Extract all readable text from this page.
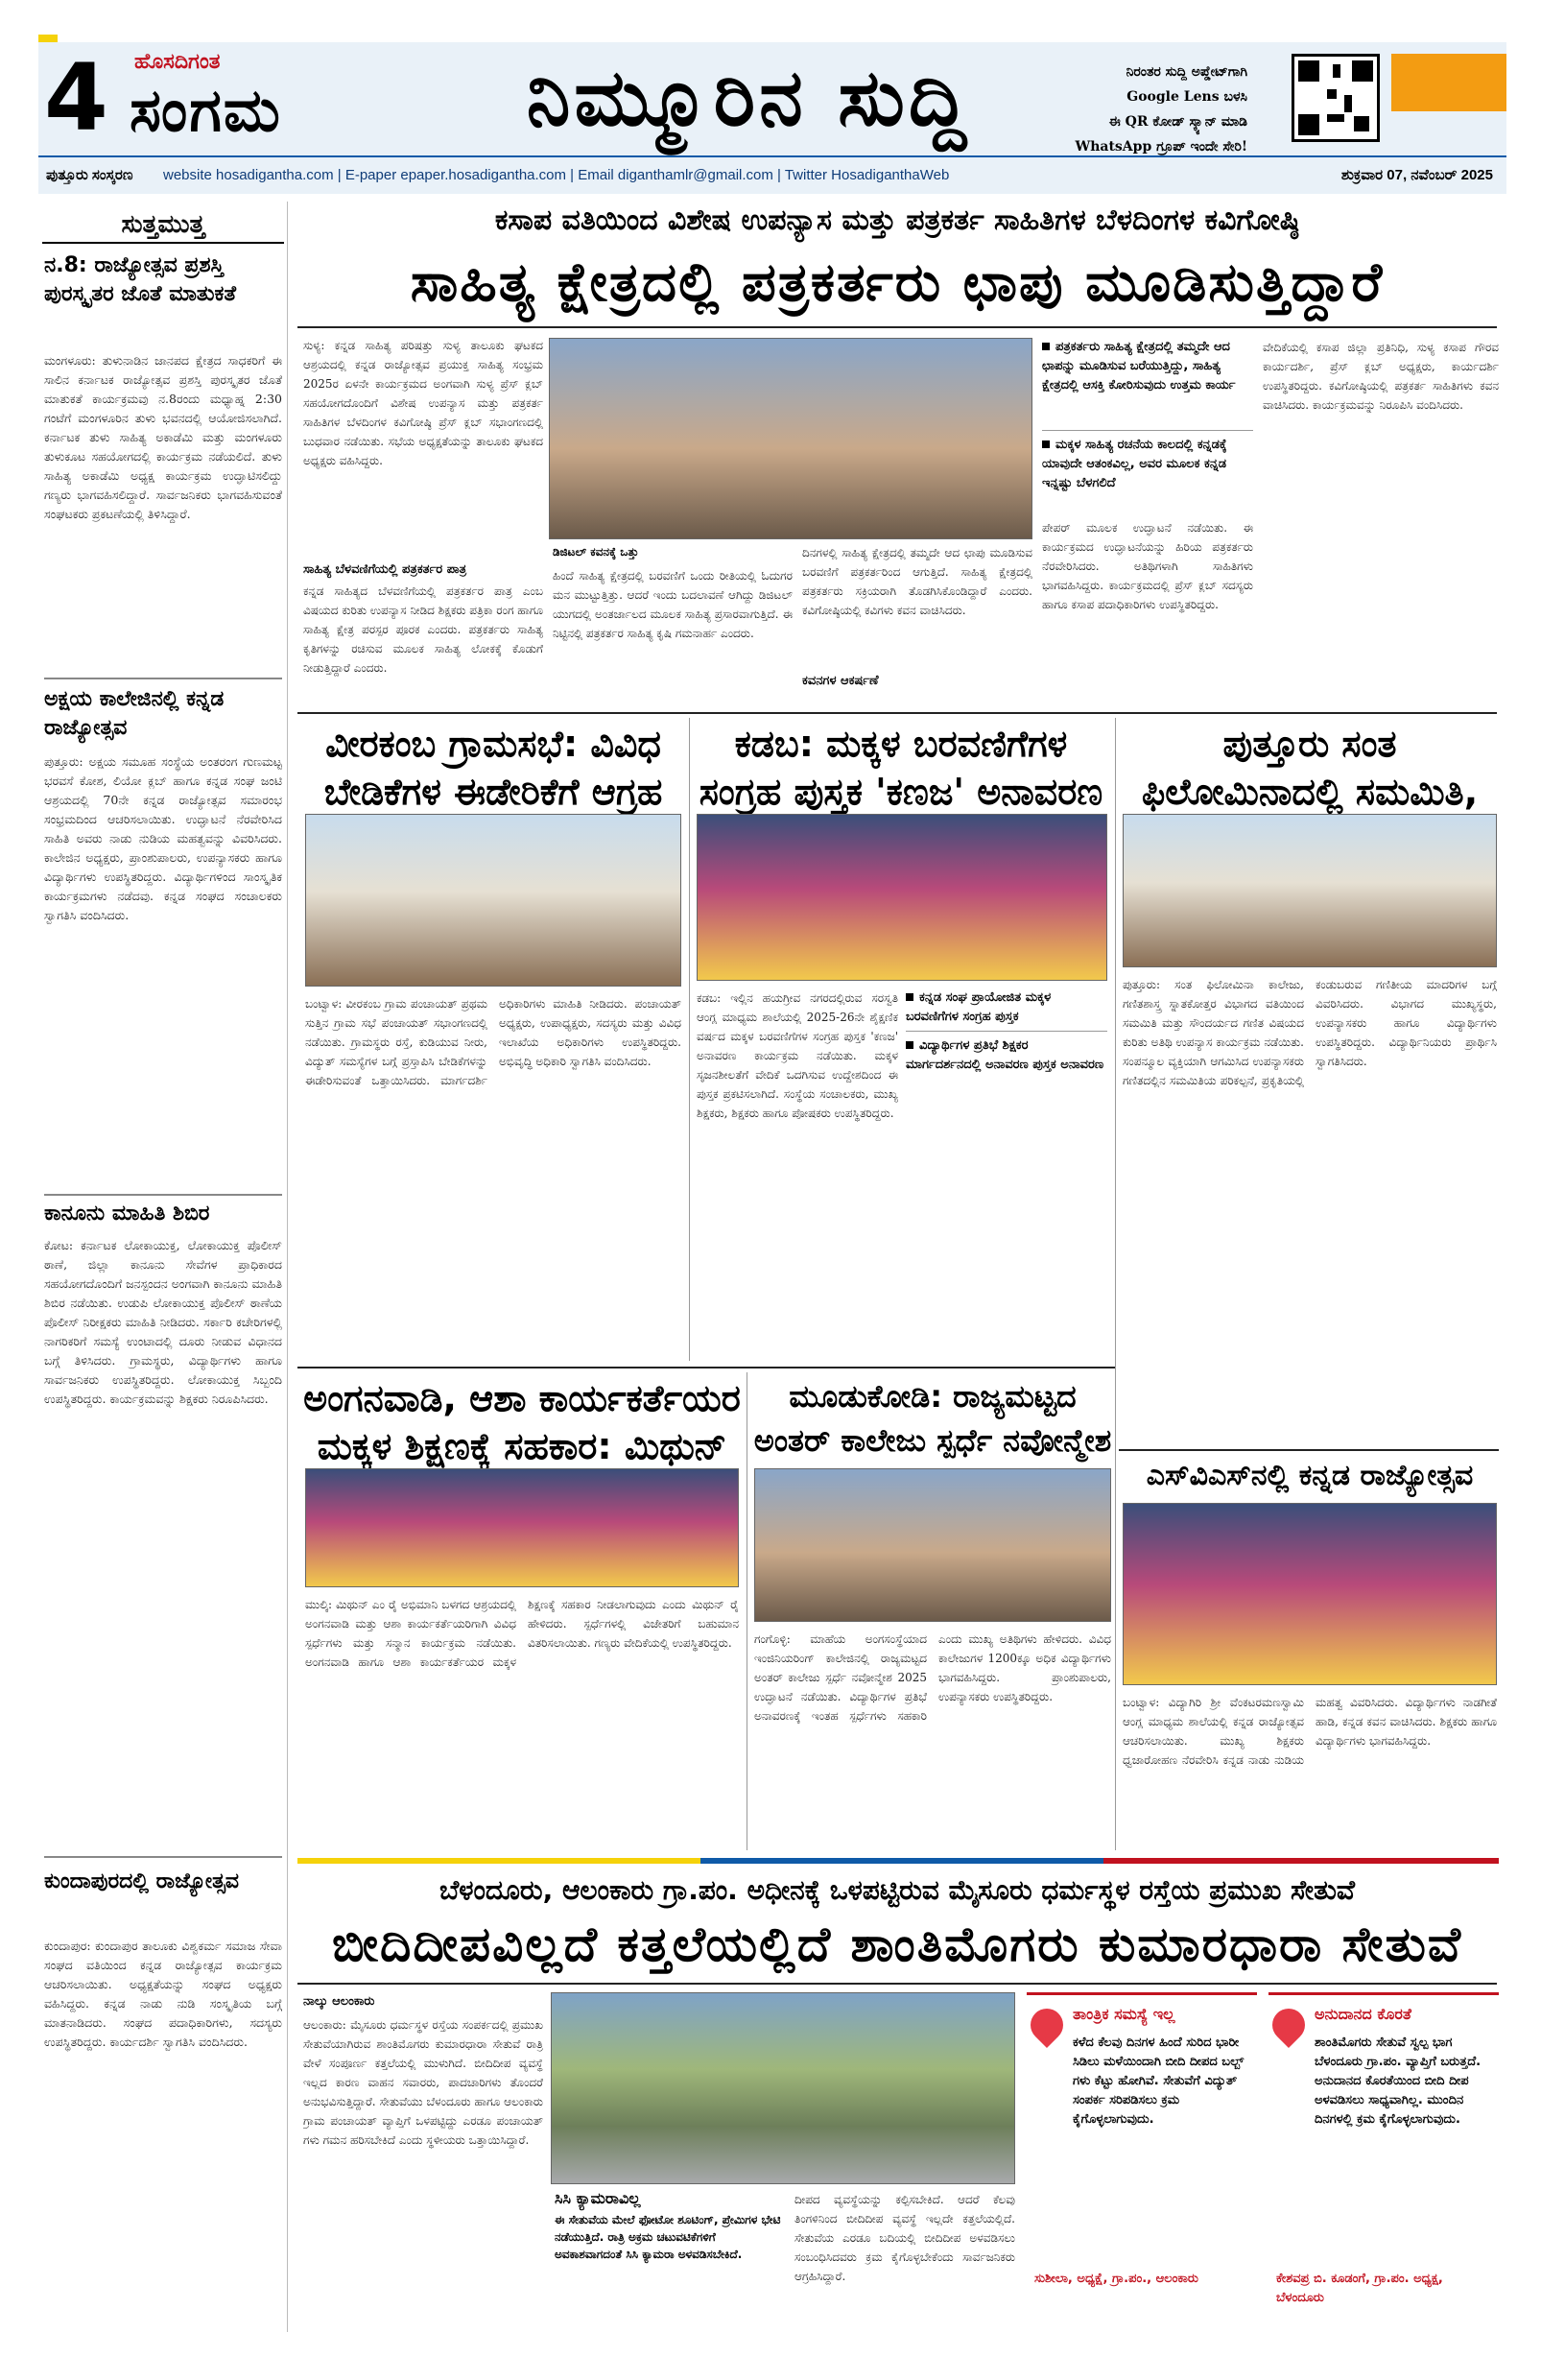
4 ಹೊಸದಿಗಂತ
ಸಂಗಮ	ನಿಮ್ಮೂರಿನ ಸುದ್ದಿ	ನಿರಂತರ ಸುದ್ದಿ ಅಪ್ಡೇಟ್‌ಗಾಗಿ
Google Lens ಬಳಸಿ
ಈ QR ಕೋಡ್ ಸ್ಕ್ಯಾನ್ ಮಾಡಿ
WhatsApp ಗ್ರೂಪ್ ಇಂದೇ ಸೇರಿ!
ಪುತ್ತೂರು ಸಂಸ್ಕರಣ website hosadigantha.com | E-paper epaper.hosadigantha.com | Email diganthamlr@gmail.com | Twitter HosadiganthaWeb	ಶುಕ್ರವಾರ 07, ನವೆಂಬರ್ 2025
ಸುತ್ತಮುತ್ತ
ನ.8: ರಾಜ್ಯೋತ್ಸವ ಪ್ರಶಸ್ತಿ ಪುರಸ್ಕೃತರ ಜೊತೆ ಮಾತುಕತೆ
ಮಂಗಳೂರು: ತುಳುನಾಡಿನ ಜಾನಪದ ಕ್ಷೇತ್ರದ ಸಾಧಕರಿಗೆ ಈ ಸಾಲಿನ ಕರ್ನಾಟಕ ರಾಜ್ಯೋತ್ಸವ ಪ್ರಶಸ್ತಿ ಪುರಸ್ಕೃತರ ಜೊತೆ ಮಾತುಕತೆ ಕಾರ್ಯಕ್ರಮವು ನ.8ರಂದು ಮಧ್ಯಾಹ್ನ 2:30 ಗಂಟೆಗೆ ಮಂಗಳೂರಿನ ತುಳು ಭವನದಲ್ಲಿ ಆಯೋಜಿಸಲಾಗಿದೆ. ಕರ್ನಾಟಕ ತುಳು ಸಾಹಿತ್ಯ ಅಕಾಡೆಮಿ ಮತ್ತು ಮಂಗಳೂರು ತುಳುಕೂಟ ಸಹಯೋಗದಲ್ಲಿ ಕಾರ್ಯಕ್ರಮ ನಡೆಯಲಿದೆ. ತುಳು ಸಾಹಿತ್ಯ ಅಕಾಡೆಮಿ ಅಧ್ಯಕ್ಷ ಕಾರ್ಯಕ್ರಮ ಉದ್ಘಾಟಿಸಲಿದ್ದು ಗಣ್ಯರು ಭಾಗವಹಿಸಲಿದ್ದಾರೆ. ಸಾರ್ವಜನಿಕರು ಭಾಗವಹಿಸುವಂತೆ ಸಂಘಟಕರು ಪ್ರಕಟಣೆಯಲ್ಲಿ ತಿಳಿಸಿದ್ದಾರೆ.
ಅಕ್ಷಯ ಕಾಲೇಜಿನಲ್ಲಿ ಕನ್ನಡ ರಾಜ್ಯೋತ್ಸವ
ಪುತ್ತೂರು: ಅಕ್ಷಯ ಸಮೂಹ ಸಂಸ್ಥೆಯ ಅಂತರಂಗ ಗುಣಮಟ್ಟ ಭರವಸೆ ಕೋಶ, ಲಿಯೋ ಕ್ಲಬ್ ಹಾಗೂ ಕನ್ನಡ ಸಂಘ ಜಂಟಿ ಆಶ್ರಯದಲ್ಲಿ 70ನೇ ಕನ್ನಡ ರಾಜ್ಯೋತ್ಸವ ಸಮಾರಂಭ ಸಂಭ್ರಮದಿಂದ ಆಚರಿಸಲಾಯಿತು. ಉದ್ಘಾಟನೆ ನೆರವೇರಿಸಿದ ಸಾಹಿತಿ ಅವರು ನಾಡು ನುಡಿಯ ಮಹತ್ವವನ್ನು ವಿವರಿಸಿದರು. ಕಾಲೇಜಿನ ಅಧ್ಯಕ್ಷರು, ಪ್ರಾಂಶುಪಾಲರು, ಉಪನ್ಯಾಸಕರು ಹಾಗೂ ವಿದ್ಯಾರ್ಥಿಗಳು ಉಪಸ್ಥಿತರಿದ್ದರು. ವಿದ್ಯಾರ್ಥಿಗಳಿಂದ ಸಾಂಸ್ಕೃತಿಕ ಕಾರ್ಯಕ್ರಮಗಳು ನಡೆದವು. ಕನ್ನಡ ಸಂಘದ ಸಂಚಾಲಕರು ಸ್ವಾಗತಿಸಿ ವಂದಿಸಿದರು.
ಕಾನೂನು ಮಾಹಿತಿ ಶಿಬಿರ
ಕೋಟ: ಕರ್ನಾಟಕ ಲೋಕಾಯುಕ್ತ, ಲೋಕಾಯುಕ್ತ ಪೊಲೀಸ್ ಠಾಣೆ, ಜಿಲ್ಲಾ ಕಾನೂನು ಸೇವೆಗಳ ಪ್ರಾಧಿಕಾರದ ಸಹಯೋಗದೊಂದಿಗೆ ಜನಸ್ಪಂದನ ಅಂಗವಾಗಿ ಕಾನೂನು ಮಾಹಿತಿ ಶಿಬಿರ ನಡೆಯಿತು. ಉಡುಪಿ ಲೋಕಾಯುಕ್ತ ಪೊಲೀಸ್ ಠಾಣೆಯ ಪೊಲೀಸ್ ನಿರೀಕ್ಷಕರು ಮಾಹಿತಿ ನೀಡಿದರು. ಸರ್ಕಾರಿ ಕಚೇರಿಗಳಲ್ಲಿ ನಾಗರಿಕರಿಗೆ ಸಮಸ್ಯೆ ಉಂಟಾದಲ್ಲಿ ದೂರು ನೀಡುವ ವಿಧಾನದ ಬಗ್ಗೆ ತಿಳಿಸಿದರು. ಗ್ರಾಮಸ್ಥರು, ವಿದ್ಯಾರ್ಥಿಗಳು ಹಾಗೂ ಸಾರ್ವಜನಿಕರು ಉಪಸ್ಥಿತರಿದ್ದರು. ಲೋಕಾಯುಕ್ತ ಸಿಬ್ಬಂದಿ ಉಪಸ್ಥಿತರಿದ್ದರು. ಕಾರ್ಯಕ್ರಮವನ್ನು ಶಿಕ್ಷಕರು ನಿರೂಪಿಸಿದರು.
ಕುಂದಾಪುರದಲ್ಲಿ ರಾಜ್ಯೋತ್ಸವ
ಕುಂದಾಪುರ: ಕುಂದಾಪುರ ತಾಲೂಕು ವಿಶ್ವಕರ್ಮ ಸಮಾಜ ಸೇವಾ ಸಂಘದ ವತಿಯಿಂದ ಕನ್ನಡ ರಾಜ್ಯೋತ್ಸವ ಕಾರ್ಯಕ್ರಮ ಆಚರಿಸಲಾಯಿತು. ಅಧ್ಯಕ್ಷತೆಯನ್ನು ಸಂಘದ ಅಧ್ಯಕ್ಷರು ವಹಿಸಿದ್ದರು. ಕನ್ನಡ ನಾಡು ನುಡಿ ಸಂಸ್ಕೃತಿಯ ಬಗ್ಗೆ ಮಾತನಾಡಿದರು. ಸಂಘದ ಪದಾಧಿಕಾರಿಗಳು, ಸದಸ್ಯರು ಉಪಸ್ಥಿತರಿದ್ದರು. ಕಾರ್ಯದರ್ಶಿ ಸ್ವಾಗತಿಸಿ ವಂದಿಸಿದರು.
ಕಸಾಪ ವತಿಯಿಂದ ವಿಶೇಷ ಉಪನ್ಯಾಸ ಮತ್ತು ಪತ್ರಕರ್ತ ಸಾಹಿತಿಗಳ ಬೆಳದಿಂಗಳ ಕವಿಗೋಷ್ಠಿ
ಸಾಹಿತ್ಯ ಕ್ಷೇತ್ರದಲ್ಲಿ ಪತ್ರಕರ್ತರು ಛಾಪು ಮೂಡಿಸುತ್ತಿದ್ದಾರೆ
ಸುಳ್ಯ: ಕನ್ನಡ ಸಾಹಿತ್ಯ ಪರಿಷತ್ತು ಸುಳ್ಯ ತಾಲೂಕು ಘಟಕದ ಆಶ್ರಯದಲ್ಲಿ ಕನ್ನಡ ರಾಜ್ಯೋತ್ಸವ ಪ್ರಯುಕ್ತ ಸಾಹಿತ್ಯ ಸಂಭ್ರಮ 2025ರ ಏಳನೇ ಕಾರ್ಯಕ್ರಮದ ಅಂಗವಾಗಿ ಸುಳ್ಯ ಪ್ರೆಸ್ ಕ್ಲಬ್ ಸಹಯೋಗದೊಂದಿಗೆ ವಿಶೇಷ ಉಪನ್ಯಾಸ ಮತ್ತು ಪತ್ರಕರ್ತ ಸಾಹಿತಿಗಳ ಬೆಳದಿಂಗಳ ಕವಿಗೋಷ್ಠಿ ಪ್ರೆಸ್ ಕ್ಲಬ್ ಸಭಾಂಗಣದಲ್ಲಿ ಬುಧವಾರ ನಡೆಯಿತು. ಸಭೆಯ ಅಧ್ಯಕ್ಷತೆಯನ್ನು ತಾಲೂಕು ಘಟಕದ ಅಧ್ಯಕ್ಷರು ವಹಿಸಿದ್ದರು.
ಸಾಹಿತ್ಯ ಬೆಳವಣಿಗೆಯಲ್ಲಿ ಪತ್ರಕರ್ತರ ಪಾತ್ರ
ಕನ್ನಡ ಸಾಹಿತ್ಯದ ಬೆಳವಣಿಗೆಯಲ್ಲಿ ಪತ್ರಕರ್ತರ ಪಾತ್ರ ಎಂಬ ವಿಷಯದ ಕುರಿತು ಉಪನ್ಯಾಸ ನೀಡಿದ ಶಿಕ್ಷಕರು ಪತ್ರಿಕಾ ರಂಗ ಹಾಗೂ ಸಾಹಿತ್ಯ ಕ್ಷೇತ್ರ ಪರಸ್ಪರ ಪೂರಕ ಎಂದರು. ಪತ್ರಕರ್ತರು ಸಾಹಿತ್ಯ ಕೃತಿಗಳನ್ನು ರಚಿಸುವ ಮೂಲಕ ಸಾಹಿತ್ಯ ಲೋಕಕ್ಕೆ ಕೊಡುಗೆ ನೀಡುತ್ತಿದ್ದಾರೆ ಎಂದರು.
ಡಿಜಿಟಲ್ ಕವನಕ್ಕೆ ಒತ್ತು
ಹಿಂದೆ ಸಾಹಿತ್ಯ ಕ್ಷೇತ್ರದಲ್ಲಿ ಬರವಣಿಗೆ ಒಂದು ರೀತಿಯಲ್ಲಿ ಓದುಗರ ಮನ ಮುಟ್ಟುತ್ತಿತ್ತು. ಆದರೆ ಇಂದು ಬದಲಾವಣೆ ಆಗಿದ್ದು ಡಿಜಿಟಲ್ ಯುಗದಲ್ಲಿ ಅಂತರ್ಜಾಲದ ಮೂಲಕ ಸಾಹಿತ್ಯ ಪ್ರಸಾರವಾಗುತ್ತಿದೆ. ಈ ನಿಟ್ಟಿನಲ್ಲಿ ಪತ್ರಕರ್ತರ ಸಾಹಿತ್ಯ ಕೃಷಿ ಗಮನಾರ್ಹ ಎಂದರು.
ದಿನಗಳಲ್ಲಿ ಸಾಹಿತ್ಯ ಕ್ಷೇತ್ರದಲ್ಲಿ ತಮ್ಮದೇ ಆದ ಛಾಪು ಮೂಡಿಸುವ ಬರವಣಿಗೆ ಪತ್ರಕರ್ತರಿಂದ ಆಗುತ್ತಿದೆ. ಸಾಹಿತ್ಯ ಕ್ಷೇತ್ರದಲ್ಲಿ ಪತ್ರಕರ್ತರು ಸಕ್ರಿಯರಾಗಿ ತೊಡಗಿಸಿಕೊಂಡಿದ್ದಾರೆ ಎಂದರು. ಕವಿಗೋಷ್ಠಿಯಲ್ಲಿ ಕವಿಗಳು ಕವನ ವಾಚಿಸಿದರು.
ಕವನಗಳ ಆಕರ್ಷಣೆ
ಪತ್ರಕರ್ತರು ಸಾಹಿತ್ಯ ಕ್ಷೇತ್ರದಲ್ಲಿ ತಮ್ಮದೇ ಆದ ಛಾಪನ್ನು ಮೂಡಿಸುವ ಬರೆಯುತ್ತಿದ್ದು, ಸಾಹಿತ್ಯ ಕ್ಷೇತ್ರದಲ್ಲಿ ಆಸಕ್ತಿ ಕೋರಿಸುವುದು ಉತ್ತಮ ಕಾರ್ಯ
ಮಕ್ಕಳ ಸಾಹಿತ್ಯ ರಚನೆಯ ಕಾಲದಲ್ಲಿ ಕನ್ನಡಕ್ಕೆ ಯಾವುದೇ ಆತಂಕವಿಲ್ಲ, ಅವರ ಮೂಲಕ ಕನ್ನಡ ಇನ್ನಷ್ಟು ಬೆಳಗಲಿದೆ
ಪೇಪರ್ ಮೂಲಕ ಉದ್ಘಾಟನೆ ನಡೆಯಿತು. ಈ ಕಾರ್ಯಕ್ರಮದ ಉದ್ಘಾಟನೆಯನ್ನು ಹಿರಿಯ ಪತ್ರಕರ್ತರು ನೆರವೇರಿಸಿದರು. ಅತಿಥಿಗಳಾಗಿ ಸಾಹಿತಿಗಳು ಭಾಗವಹಿಸಿದ್ದರು. ಕಾರ್ಯಕ್ರಮದಲ್ಲಿ ಪ್ರೆಸ್ ಕ್ಲಬ್ ಸದಸ್ಯರು ಹಾಗೂ ಕಸಾಪ ಪದಾಧಿಕಾರಿಗಳು ಉಪಸ್ಥಿತರಿದ್ದರು.
ವೇದಿಕೆಯಲ್ಲಿ ಕಸಾಪ ಜಿಲ್ಲಾ ಪ್ರತಿನಿಧಿ, ಸುಳ್ಯ ಕಸಾಪ ಗೌರವ ಕಾರ್ಯದರ್ಶಿ, ಪ್ರೆಸ್ ಕ್ಲಬ್ ಅಧ್ಯಕ್ಷರು, ಕಾರ್ಯದರ್ಶಿ ಉಪಸ್ಥಿತರಿದ್ದರು. ಕವಿಗೋಷ್ಠಿಯಲ್ಲಿ ಪತ್ರಕರ್ತ ಸಾಹಿತಿಗಳು ಕವನ ವಾಚಿಸಿದರು. ಕಾರ್ಯಕ್ರಮವನ್ನು ನಿರೂಪಿಸಿ ವಂದಿಸಿದರು.
ವೀರಕಂಬ ಗ್ರಾಮಸಭೆ: ವಿವಿಧ ಬೇಡಿಕೆಗಳ ಈಡೇರಿಕೆಗೆ ಆಗ್ರಹ
ಬಂಟ್ವಾಳ: ವೀರಕಂಬ ಗ್ರಾಮ ಪಂಚಾಯತ್ ಪ್ರಥಮ ಸುತ್ತಿನ ಗ್ರಾಮ ಸಭೆ ಪಂಚಾಯತ್ ಸಭಾಂಗಣದಲ್ಲಿ ನಡೆಯಿತು. ಗ್ರಾಮಸ್ಥರು ರಸ್ತೆ, ಕುಡಿಯುವ ನೀರು, ವಿದ್ಯುತ್ ಸಮಸ್ಯೆಗಳ ಬಗ್ಗೆ ಪ್ರಸ್ತಾಪಿಸಿ ಬೇಡಿಕೆಗಳನ್ನು ಈಡೇರಿಸುವಂತೆ ಒತ್ತಾಯಿಸಿದರು. ಮಾರ್ಗದರ್ಶಿ ಅಧಿಕಾರಿಗಳು ಮಾಹಿತಿ ನೀಡಿದರು. ಪಂಚಾಯತ್ ಅಧ್ಯಕ್ಷರು, ಉಪಾಧ್ಯಕ್ಷರು, ಸದಸ್ಯರು ಮತ್ತು ವಿವಿಧ ಇಲಾಖೆಯ ಅಧಿಕಾರಿಗಳು ಉಪಸ್ಥಿತರಿದ್ದರು. ಅಭಿವೃದ್ಧಿ ಅಧಿಕಾರಿ ಸ್ವಾಗತಿಸಿ ವಂದಿಸಿದರು.
ಕಡಬ: ಮಕ್ಕಳ ಬರವಣಿಗೆಗಳ ಸಂಗ್ರಹ ಪುಸ್ತಕ 'ಕಣಜ' ಅನಾವರಣ
ಕಡಬ: ಇಲ್ಲಿನ ಹಯಗ್ರೀವ ನಗರದಲ್ಲಿರುವ ಸರಸ್ವತಿ ಆಂಗ್ಲ ಮಾಧ್ಯಮ ಶಾಲೆಯಲ್ಲಿ 2025-26ನೇ ಶೈಕ್ಷಣಿಕ ವರ್ಷದ ಮಕ್ಕಳ ಬರವಣಿಗೆಗಳ ಸಂಗ್ರಹ ಪುಸ್ತಕ 'ಕಣಜ' ಅನಾವರಣ ಕಾರ್ಯಕ್ರಮ ನಡೆಯಿತು. ಮಕ್ಕಳ ಸೃಜನಶೀಲತೆಗೆ ವೇದಿಕೆ ಒದಗಿಸುವ ಉದ್ದೇಶದಿಂದ ಈ ಪುಸ್ತಕ ಪ್ರಕಟಿಸಲಾಗಿದೆ. ಸಂಸ್ಥೆಯ ಸಂಚಾಲಕರು, ಮುಖ್ಯ ಶಿಕ್ಷಕರು, ಶಿಕ್ಷಕರು ಹಾಗೂ ಪೋಷಕರು ಉಪಸ್ಥಿತರಿದ್ದರು.
ಕನ್ನಡ ಸಂಘ ಪ್ರಾಯೋಜಿತ ಮಕ್ಕಳ ಬರವಣಿಗೆಗಳ ಸಂಗ್ರಹ ಪುಸ್ತಕ
ವಿದ್ಯಾರ್ಥಿಗಳ ಪ್ರತಿಭೆ ಶಿಕ್ಷಕರ ಮಾರ್ಗದರ್ಶನದಲ್ಲಿ ಅನಾವರಣ ಪುಸ್ತಕ ಅನಾವರಣ
ಪುತ್ತೂರು ಸಂತ ಫಿಲೋಮಿನಾದಲ್ಲಿ ಸಮಮಿತಿ,
ಪುತ್ತೂರು: ಸಂತ ಫಿಲೋಮಿನಾ ಕಾಲೇಜು, ಗಣಿತಶಾಸ್ತ್ರ ಸ್ನಾತಕೋತ್ತರ ವಿಭಾಗದ ವತಿಯಿಂದ ಸಮಮಿತಿ ಮತ್ತು ಸೌಂದರ್ಯದ ಗಣಿತ ವಿಷಯದ ಕುರಿತು ಅತಿಥಿ ಉಪನ್ಯಾಸ ಕಾರ್ಯಕ್ರಮ ನಡೆಯಿತು. ಸಂಪನ್ಮೂಲ ವ್ಯಕ್ತಿಯಾಗಿ ಆಗಮಿಸಿದ ಉಪನ್ಯಾಸಕರು ಗಣಿತದಲ್ಲಿನ ಸಮಮಿತಿಯ ಪರಿಕಲ್ಪನೆ, ಪ್ರಕೃತಿಯಲ್ಲಿ ಕಂಡುಬರುವ ಗಣಿತೀಯ ಮಾದರಿಗಳ ಬಗ್ಗೆ ವಿವರಿಸಿದರು. ವಿಭಾಗದ ಮುಖ್ಯಸ್ಥರು, ಉಪನ್ಯಾಸಕರು ಹಾಗೂ ವಿದ್ಯಾರ್ಥಿಗಳು ಉಪಸ್ಥಿತರಿದ್ದರು. ವಿದ್ಯಾರ್ಥಿನಿಯರು ಪ್ರಾರ್ಥಿಸಿ ಸ್ವಾಗತಿಸಿದರು.
ಅಂಗನವಾಡಿ, ಆಶಾ ಕಾರ್ಯಕರ್ತೆಯರ ಮಕ್ಕಳ ಶಿಕ್ಷಣಕ್ಕೆ ಸಹಕಾರ: ಮಿಥುನ್
ಮುಲ್ಕಿ: ಮಿಥುನ್ ಎಂ ರೈ ಅಭಿಮಾನಿ ಬಳಗದ ಆಶ್ರಯದಲ್ಲಿ ಅಂಗನವಾಡಿ ಮತ್ತು ಆಶಾ ಕಾರ್ಯಕರ್ತೆಯರಿಗಾಗಿ ವಿವಿಧ ಸ್ಪರ್ಧೆಗಳು ಮತ್ತು ಸನ್ಮಾನ ಕಾರ್ಯಕ್ರಮ ನಡೆಯಿತು. ಅಂಗನವಾಡಿ ಹಾಗೂ ಆಶಾ ಕಾರ್ಯಕರ್ತೆಯರ ಮಕ್ಕಳ ಶಿಕ್ಷಣಕ್ಕೆ ಸಹಕಾರ ನೀಡಲಾಗುವುದು ಎಂದು ಮಿಥುನ್ ರೈ ಹೇಳಿದರು. ಸ್ಪರ್ಧೆಗಳಲ್ಲಿ ವಿಜೇತರಿಗೆ ಬಹುಮಾನ ವಿತರಿಸಲಾಯಿತು. ಗಣ್ಯರು ವೇದಿಕೆಯಲ್ಲಿ ಉಪಸ್ಥಿತರಿದ್ದರು.
ಮೂಡುಕೋಡಿ: ರಾಜ್ಯಮಟ್ಟದ ಅಂತರ್ ಕಾಲೇಜು ಸ್ಪರ್ಧೆ ನವೋನ್ಮೇಶ
ಗಂಗೊಳ್ಳಿ: ಮಾಹೆಯ ಅಂಗಸಂಸ್ಥೆಯಾದ ಇಂಜಿನಿಯರಿಂಗ್ ಕಾಲೇಜಿನಲ್ಲಿ ರಾಜ್ಯಮಟ್ಟದ ಅಂತರ್ ಕಾಲೇಜು ಸ್ಪರ್ಧೆ ನವೋನ್ಮೇಶ 2025 ಉದ್ಘಾಟನೆ ನಡೆಯಿತು. ವಿದ್ಯಾರ್ಥಿಗಳ ಪ್ರತಿಭೆ ಅನಾವರಣಕ್ಕೆ ಇಂತಹ ಸ್ಪರ್ಧೆಗಳು ಸಹಕಾರಿ ಎಂದು ಮುಖ್ಯ ಅತಿಥಿಗಳು ಹೇಳಿದರು. ವಿವಿಧ ಕಾಲೇಜುಗಳ 1200ಕ್ಕೂ ಅಧಿಕ ವಿದ್ಯಾರ್ಥಿಗಳು ಭಾಗವಹಿಸಿದ್ದರು. ಪ್ರಾಂಶುಪಾಲರು, ಉಪನ್ಯಾಸಕರು ಉಪಸ್ಥಿತರಿದ್ದರು.
ಎಸ್‌ವಿಎಸ್‌ನಲ್ಲಿ ಕನ್ನಡ ರಾಜ್ಯೋತ್ಸವ
ಬಂಟ್ವಾಳ: ವಿದ್ಯಾಗಿರಿ ಶ್ರೀ ವೆಂಕಟರಮಣಸ್ವಾಮಿ ಆಂಗ್ಲ ಮಾಧ್ಯಮ ಶಾಲೆಯಲ್ಲಿ ಕನ್ನಡ ರಾಜ್ಯೋತ್ಸವ ಆಚರಿಸಲಾಯಿತು. ಮುಖ್ಯ ಶಿಕ್ಷಕರು ಧ್ವಜಾರೋಹಣ ನೆರವೇರಿಸಿ ಕನ್ನಡ ನಾಡು ನುಡಿಯ ಮಹತ್ವ ವಿವರಿಸಿದರು. ವಿದ್ಯಾರ್ಥಿಗಳು ನಾಡಗೀತೆ ಹಾಡಿ, ಕನ್ನಡ ಕವನ ವಾಚಿಸಿದರು. ಶಿಕ್ಷಕರು ಹಾಗೂ ವಿದ್ಯಾರ್ಥಿಗಳು ಭಾಗವಹಿಸಿದ್ದರು.
ಬೆಳಂದೂರು, ಆಲಂಕಾರು ಗ್ರಾ.ಪಂ. ಅಧೀನಕ್ಕೆ ಒಳಪಟ್ಟಿರುವ ಮೈಸೂರು ಧರ್ಮಸ್ಥಳ ರಸ್ತೆಯ ಪ್ರಮುಖ ಸೇತುವೆ
ಬೀದಿದೀಪವಿಲ್ಲದೆ ಕತ್ತಲೆಯಲ್ಲಿದೆ ಶಾಂತಿಮೊಗರು ಕುಮಾರಧಾರಾ ಸೇತುವೆ
ನಾಲ್ಕು ಆಲಂಕಾರು
ಆಲಂಕಾರು: ಮೈಸೂರು ಧರ್ಮಸ್ಥಳ ರಸ್ತೆಯ ಸಂಪರ್ಕದಲ್ಲಿ ಪ್ರಮುಖ ಸೇತುವೆಯಾಗಿರುವ ಶಾಂತಿಮೊಗರು ಕುಮಾರಧಾರಾ ಸೇತುವೆ ರಾತ್ರಿ ವೇಳೆ ಸಂಪೂರ್ಣ ಕತ್ತಲೆಯಲ್ಲಿ ಮುಳುಗಿದೆ. ಬೀದಿದೀಪ ವ್ಯವಸ್ಥೆ ಇಲ್ಲದ ಕಾರಣ ವಾಹನ ಸವಾರರು, ಪಾದಚಾರಿಗಳು ತೊಂದರೆ ಅನುಭವಿಸುತ್ತಿದ್ದಾರೆ. ಸೇತುವೆಯು ಬೆಳಂದೂರು ಹಾಗೂ ಆಲಂಕಾರು ಗ್ರಾಮ ಪಂಚಾಯತ್ ವ್ಯಾಪ್ತಿಗೆ ಒಳಪಟ್ಟಿದ್ದು ಎರಡೂ ಪಂಚಾಯತ್ ಗಳು ಗಮನ ಹರಿಸಬೇಕಿದೆ ಎಂದು ಸ್ಥಳೀಯರು ಒತ್ತಾಯಿಸಿದ್ದಾರೆ.
ಸಿಸಿ ಕ್ಯಾಮರಾವಿಲ್ಲ
ಈ ಸೇತುವೆಯ ಮೇಲೆ ಫೋಟೋ ಶೂಟಿಂಗ್, ಪ್ರೇಮಿಗಳ ಭೇಟಿ ನಡೆಯುತ್ತಿದೆ. ರಾತ್ರಿ ಅಕ್ರಮ ಚಟುವಟಿಕೆಗಳಿಗೆ ಅವಕಾಶವಾಗದಂತೆ ಸಿಸಿ ಕ್ಯಾಮರಾ ಅಳವಡಿಸಬೇಕಿದೆ.
ದೀಪದ ವ್ಯವಸ್ಥೆಯನ್ನು ಕಲ್ಪಿಸಬೇಕಿದೆ. ಆದರೆ ಕೆಲವು ತಿಂಗಳಿನಿಂದ ಬೀದಿದೀಪ ವ್ಯವಸ್ಥೆ ಇಲ್ಲದೇ ಕತ್ತಲೆಯಲ್ಲಿದೆ. ಸೇತುವೆಯ ಎರಡೂ ಬದಿಯಲ್ಲಿ ಬೀದಿದೀಪ ಅಳವಡಿಸಲು ಸಂಬಂಧಿಸಿದವರು ಕ್ರಮ ಕೈಗೊಳ್ಳಬೇಕೆಂದು ಸಾರ್ವಜನಿಕರು ಆಗ್ರಹಿಸಿದ್ದಾರೆ.
ತಾಂತ್ರಿಕ ಸಮಸ್ಯೆ ಇಲ್ಲ
ಕಳೆದ ಕೆಲವು ದಿನಗಳ ಹಿಂದೆ ಸುರಿದ ಭಾರೀ ಸಿಡಿಲು ಮಳೆಯಿಂದಾಗಿ ಬೀದಿ ದೀಪದ ಬಲ್ಬ್ ಗಳು ಕೆಟ್ಟು ಹೋಗಿವೆ. ಸೇತುವೆಗೆ ವಿದ್ಯುತ್ ಸಂಪರ್ಕ ಸರಿಪಡಿಸಲು ಕ್ರಮ ಕೈಗೊಳ್ಳಲಾಗುವುದು.
ಸುಶೀಲಾ, ಅಧ್ಯಕ್ಷೆ, ಗ್ರಾ.ಪಂ., ಆಲಂಕಾರು
ಅನುದಾನದ ಕೊರತೆ
ಶಾಂತಿಮೊಗರು ಸೇತುವೆ ಸ್ವಲ್ಪ ಭಾಗ ಬೆಳಂದೂರು ಗ್ರಾ.ಪಂ. ವ್ಯಾಪ್ತಿಗೆ ಬರುತ್ತದೆ. ಅನುದಾನದ ಕೊರತೆಯಿಂದ ಬೀದಿ ದೀಪ ಅಳವಡಿಸಲು ಸಾಧ್ಯವಾಗಿಲ್ಲ. ಮುಂದಿನ ದಿನಗಳಲ್ಲಿ ಕ್ರಮ ಕೈಗೊಳ್ಳಲಾಗುವುದು.
ಕೇಶವಪ್ರ ಬಿ. ಕೂಡಂಗೆ, ಗ್ರಾ.ಪಂ. ಅಧ್ಯಕ್ಷ, ಬೆಳಂದೂರು
